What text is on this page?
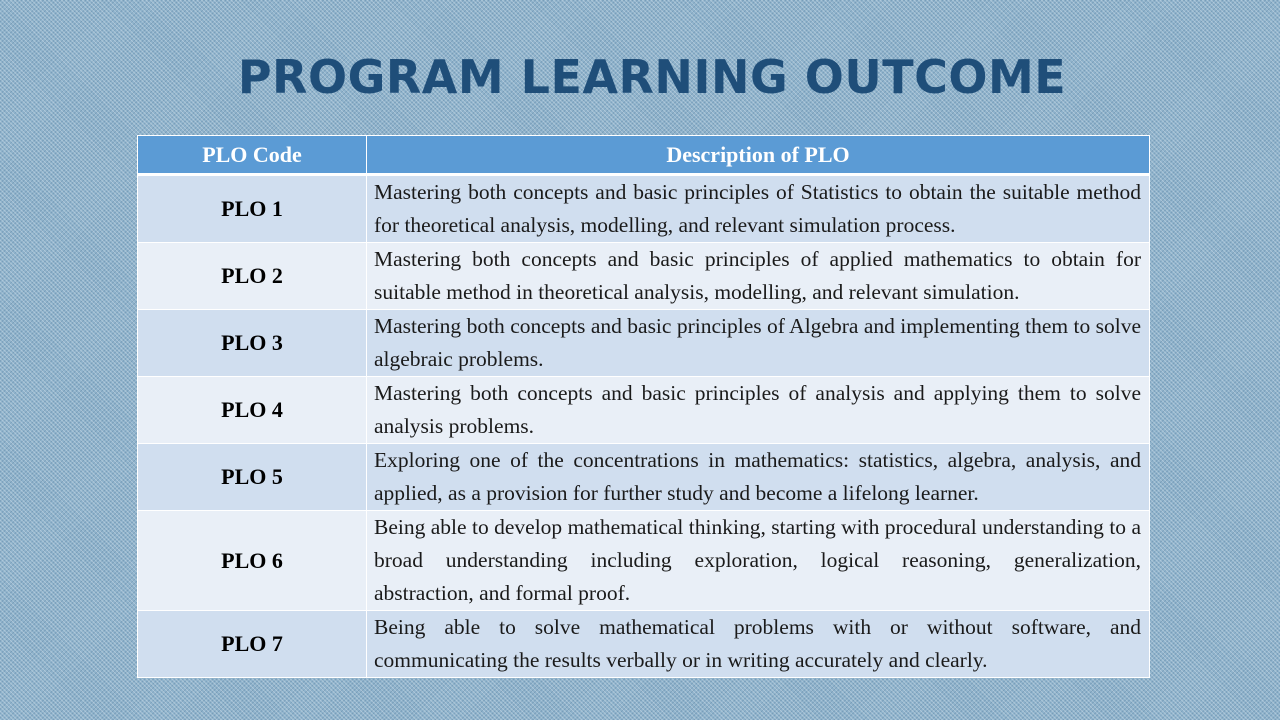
PROGRAM LEARNING OUTCOME
PLO Code	Description of PLO
PLO 1	Mastering both concepts and basic principles of Statistics to obtain the suitable method for theoretical analysis, modelling, and relevant simulation process.
PLO 2	Mastering both concepts and basic principles of applied mathematics to obtain for suitable method in theoretical analysis, modelling, and relevant simulation.
PLO 3	Mastering both concepts and basic principles of Algebra and implementing them to solve algebraic problems.
PLO 4	Mastering both concepts and basic principles of analysis and applying them to solve analysis problems.
PLO 5	Exploring one of the concentrations in mathematics: statistics, algebra, analysis, and applied, as a provision for further study and become a lifelong learner.
PLO 6	Being able to develop mathematical thinking, starting with procedural understanding to a broad understanding including exploration, logical reasoning, generalization, abstraction, and formal proof.
PLO 7	Being able to solve mathematical problems with or without software, and communicating the results verbally or in writing accurately and clearly.
